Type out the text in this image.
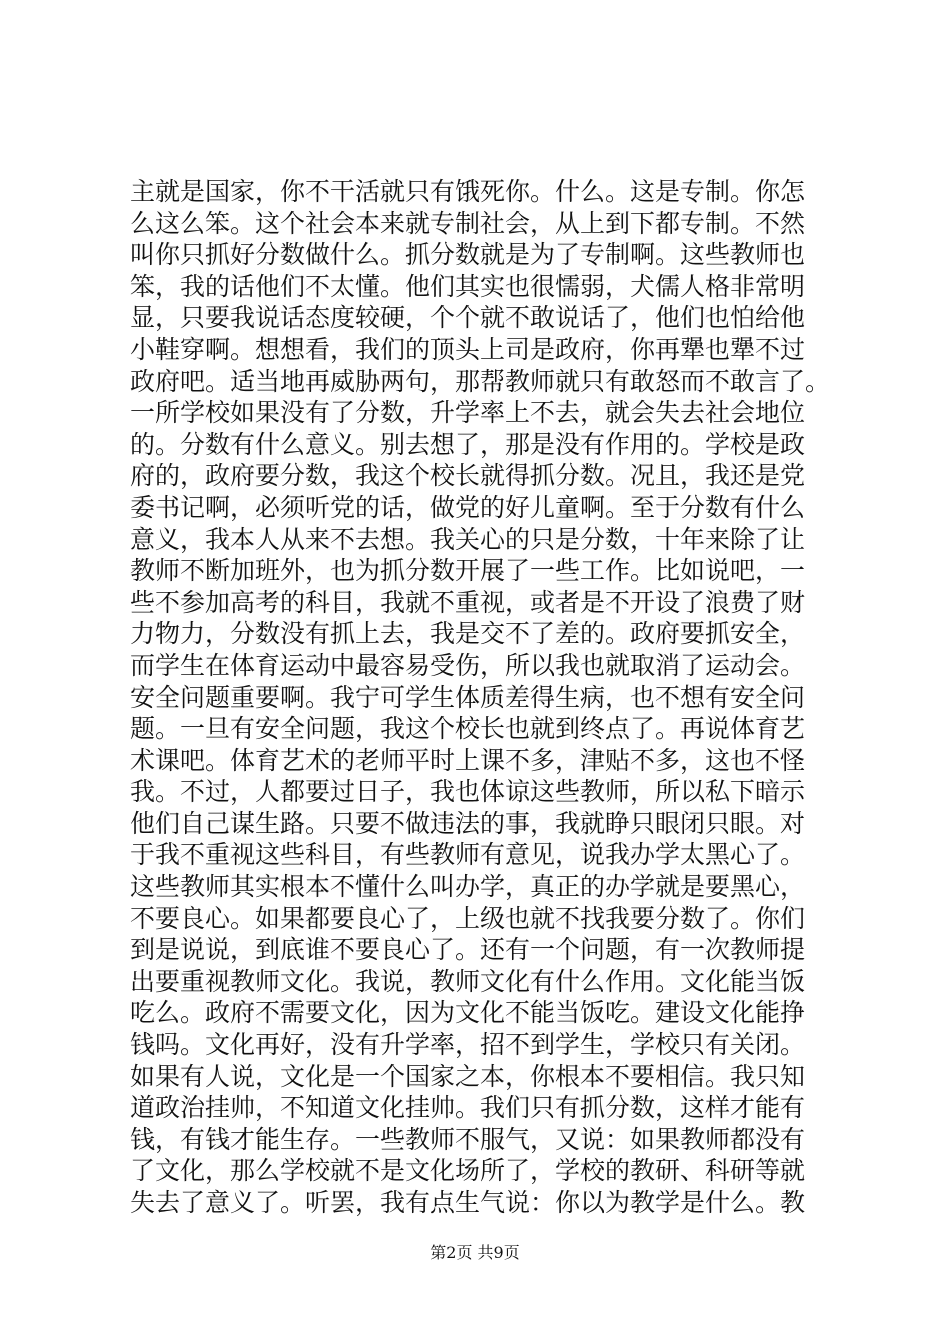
主就是国家，你不干活就只有饿死你。什么。这是专制。你怎
么这么笨。这个社会本来就专制社会，从上到下都专制。不然
叫你只抓好分数做什么。抓分数就是为了专制啊。这些教师也
笨，我的话他们不太懂。他们其实也很懦弱，犬儒人格非常明
显，只要我说话态度较硬，个个就不敢说话了，他们也怕给他
小鞋穿啊。想想看，我们的顶头上司是政府，你再犟也犟不过
政府吧。适当地再威胁两句，那帮教师就只有敢怒而不敢言了。
一所学校如果没有了分数，升学率上不去，就会失去社会地位
的。分数有什么意义。别去想了，那是没有作用的。学校是政
府的，政府要分数，我这个校长就得抓分数。况且，我还是党
委书记啊，必须听党的话，做党的好儿童啊。至于分数有什么
意义，我本人从来不去想。我关心的只是分数，十年来除了让
教师不断加班外，也为抓分数开展了一些工作。比如说吧，一
些不参加高考的科目，我就不重视，或者是不开设了浪费了财
力物力，分数没有抓上去，我是交不了差的。政府要抓安全，
而学生在体育运动中最容易受伤，所以我也就取消了运动会。
安全问题重要啊。我宁可学生体质差得生病，也不想有安全问
题。一旦有安全问题，我这个校长也就到终点了。再说体育艺
术课吧。体育艺术的老师平时上课不多，津贴不多，这也不怪
我。不过，人都要过日子，我也体谅这些教师，所以私下暗示
他们自己谋生路。只要不做违法的事，我就睁只眼闭只眼。对
于我不重视这些科目，有些教师有意见，说我办学太黑心了。
这些教师其实根本不懂什么叫办学，真正的办学就是要黑心，
不要良心。如果都要良心了，上级也就不找我要分数了。你们
到是说说，到底谁不要良心了。还有一个问题，有一次教师提
出要重视教师文化。我说，教师文化有什么作用。文化能当饭
吃么。政府不需要文化，因为文化不能当饭吃。建设文化能挣
钱吗。文化再好，没有升学率，招不到学生，学校只有关闭。
如果有人说，文化是一个国家之本，你根本不要相信。我只知
道政治挂帅，不知道文化挂帅。我们只有抓分数，这样才能有
钱，有钱才能生存。一些教师不服气，又说：如果教师都没有
了文化，那么学校就不是文化场所了，学校的教研、科研等就
失去了意义了。听罢，我有点生气说：你以为教学是什么。教
第2页 共9页
